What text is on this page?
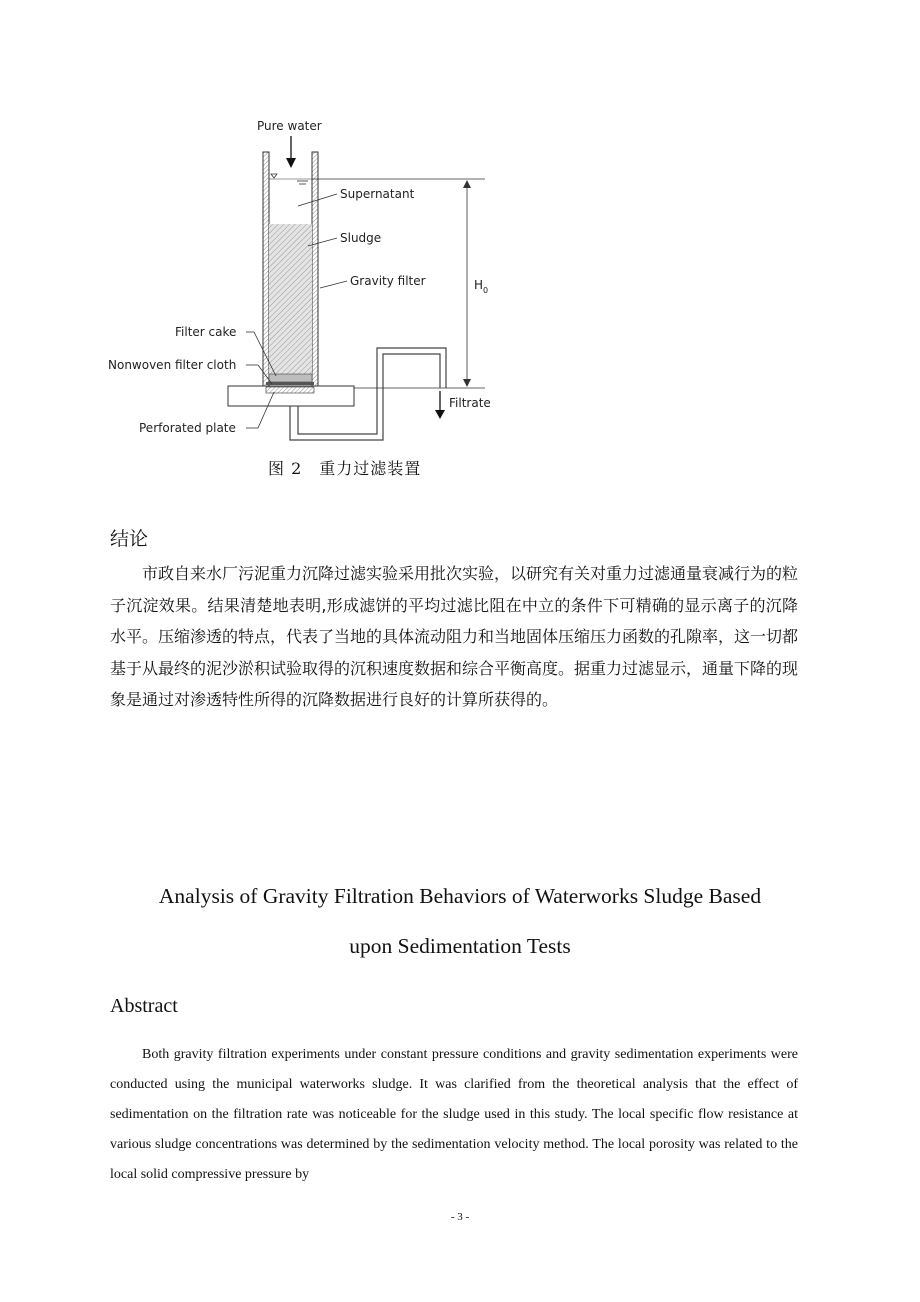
Pure water
Supernatant
Sludge
Gravity filter	$H_0$
Filter cake
Nonwoven filter cloth
Perforated plate
Filtrate
图 2　重力过滤装置
结论

市政自来水厂污泥重力沉降过滤实验采用批次实验，以研究有关对重力过滤通量衰减行为的粒子沉淀效果。结果清楚地表明,形成滤饼的平均过滤比阻在中立的条件下可精确的显示离子的沉降水平。压缩渗透的特点，代表了当地的具体流动阻力和当地固体压缩压力函数的孔隙率，这一切都基于从最终的泥沙淤积试验取得的沉积速度数据和综合平衡高度。据重力过滤显示，通量下降的现象是通过对渗透特性所得的沉降数据进行良好的计算所获得的。

Analysis of Gravity Filtration Behaviors of Waterworks Sludge Based
upon Sedimentation Tests
Abstract

Both gravity filtration experiments under constant pressure conditions and gravity sedimentation experiments were conducted using the municipal waterworks sludge. It was clarified from the theoretical analysis that the effect of sedimentation on the filtration rate was noticeable for the sludge used in this study. The local specific flow resistance at various sludge concentrations was determined by the sedimentation velocity method. The local porosity was related to the local solid compressive pressure by

- 3 -
